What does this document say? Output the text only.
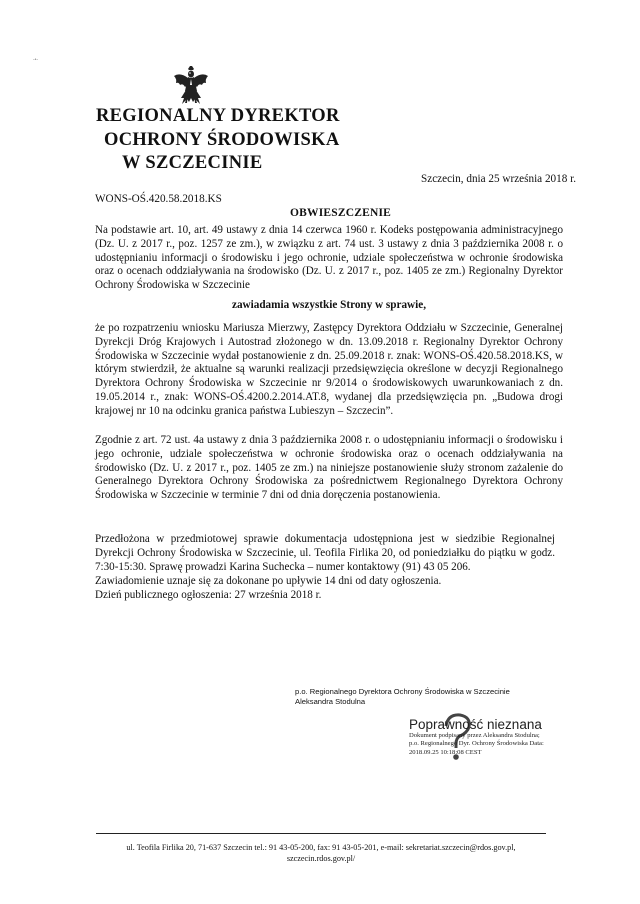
-•-
REGIONALNY DYREKTOR
OCHRONY ŚRODOWISKA
W SZCZECINIE
Szczecin, dnia 25 września 2018 r.
WONS-OŚ.420.58.2018.KS
OBWIESZCZENIE
Na podstawie art. 10, art. 49 ustawy z dnia 14 czerwca 1960 r. Kodeks postępowania administracyjnego (Dz. U. z 2017 r., poz. 1257 ze zm.), w związku z art. 74 ust. 3 ustawy z dnia 3 października 2008 r. o udostępnianiu informacji o środowisku i jego ochronie, udziale społeczeństwa w ochronie środowiska oraz o ocenach oddziaływania na środowisko (Dz. U. z 2017 r., poz. 1405 ze zm.) Regionalny Dyrektor Ochrony Środowiska w Szczecinie
zawiadamia wszystkie Strony w sprawie,
że po rozpatrzeniu wniosku Mariusza Mierzwy, Zastępcy Dyrektora Oddziału w Szczecinie, Generalnej Dyrekcji Dróg Krajowych i Autostrad złożonego w dn. 13.09.2018 r. Regionalny Dyrektor Ochrony Środowiska w Szczecinie wydał postanowienie z dn. 25.09.2018 r. znak: WONS-OŚ.420.58.2018.KS, w którym stwierdził, że aktualne są warunki realizacji przedsięwzięcia określone w decyzji Regionalnego Dyrektora Ochrony Środowiska w Szczecinie nr 9/2014 o środowiskowych uwarunkowaniach z dn. 19.05.2014 r., znak: WONS-OŚ.4200.2.2014.AT.8, wydanej dla przedsięwzięcia pn. „Budowa drogi krajowej nr 10 na odcinku granica państwa Lubieszyn – Szczecin”.
Zgodnie z art. 72 ust. 4a ustawy z dnia 3 października 2008 r. o udostępnianiu informacji o środowisku i jego ochronie, udziale społeczeństwa w ochronie środowiska oraz o ocenach oddziaływania na środowisko (Dz. U. z 2017 r., poz. 1405 ze zm.) na niniejsze postanowienie służy stronom zażalenie do Generalnego Dyrektora Ochrony Środowiska za pośrednictwem Regionalnego Dyrektora Ochrony Środowiska w Szczecinie w terminie 7 dni od dnia doręczenia postanowienia.
Przedłożona w przedmiotowej sprawie dokumentacja udostępniona jest w siedzibie Regionalnej Dyrekcji Ochrony Środowiska w Szczecinie, ul. Teofila Firlika 20, od poniedziałku do piątku w godz. 7:30-15:30. Sprawę prowadzi Karina Suchecka – numer kontaktowy (91) 43 05 206.
Zawiadomienie uznaje się za dokonane po upływie 14 dni od daty ogłoszenia.
Dzień publicznego ogłoszenia: 27 września 2018 r.
p.o. Regionalnego Dyrektora Ochrony Środowiska w Szczecinie
Aleksandra Stodulna
Poprawność nieznana
Dokument podpisany przez Aleksandra Stodulna; p.o. Regionalnego Dyr. Ochrony Środowiska Data: 2018.09.25 10:18:08 CEST
ul. Teofila Firlika 20, 71-637 Szczecin tel.: 91 43-05-200, fax: 91 43-05-201, e-mail: sekretariat.szczecin@rdos.gov.pl,
szczecin.rdos.gov.pl/
